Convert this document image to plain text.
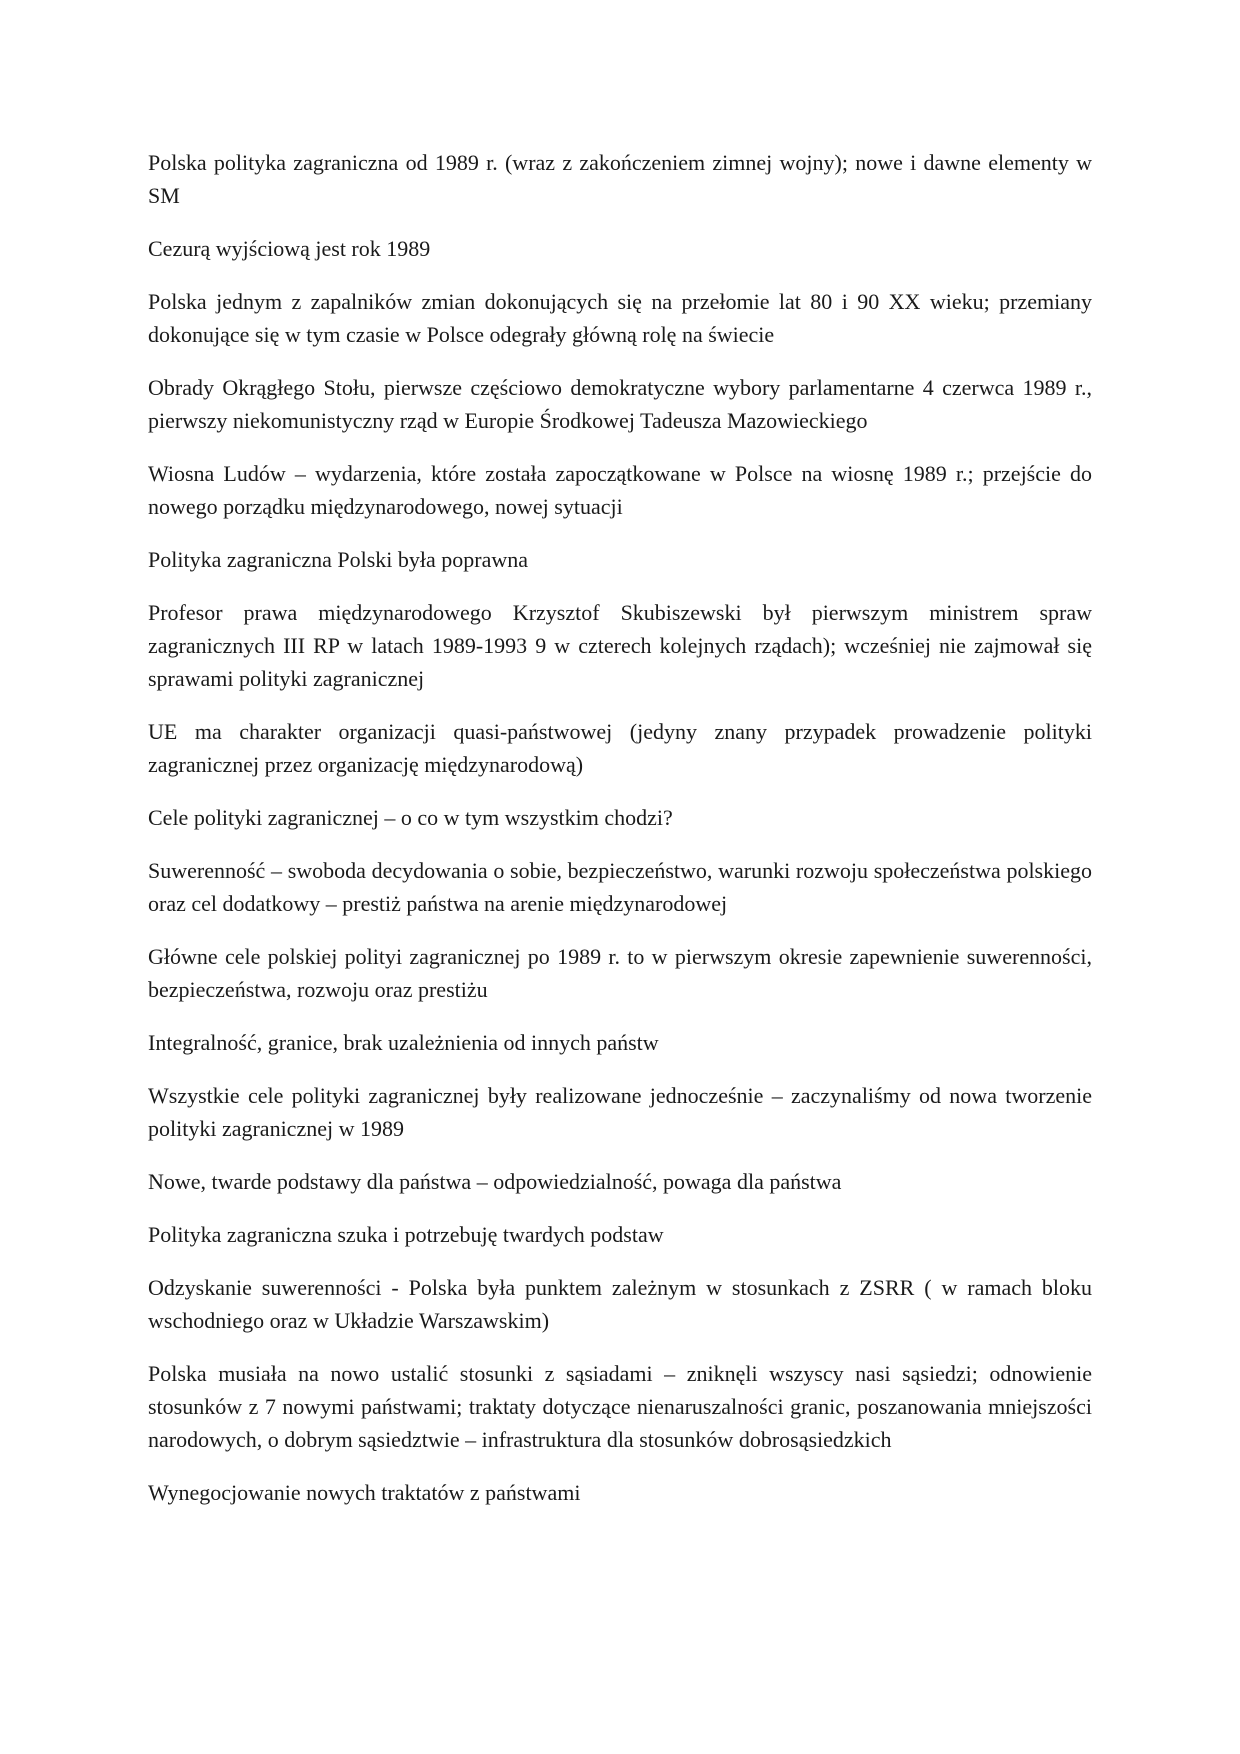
Polska polityka zagraniczna od 1989 r. (wraz z zakończeniem zimnej wojny); nowe i dawne elementy w SM

Cezurą wyjściową jest rok 1989

Polska jednym z zapalników zmian dokonujących się na przełomie lat 80 i 90 XX wieku; przemiany dokonujące się w tym czasie w Polsce odegrały główną rolę na świecie

Obrady Okrągłego Stołu, pierwsze częściowo demokratyczne wybory parlamentarne 4 czerwca 1989 r., pierwszy niekomunistyczny rząd w Europie Środkowej Tadeusza Mazowieckiego

Wiosna Ludów – wydarzenia, które została zapoczątkowane w Polsce na wiosnę 1989 r.; przejście do nowego porządku międzynarodowego, nowej sytuacji

Polityka zagraniczna Polski była poprawna

Profesor prawa międzynarodowego Krzysztof Skubiszewski był pierwszym ministrem spraw zagranicznych III RP w latach 1989-1993 9 w czterech kolejnych rządach); wcześniej nie zajmował się sprawami polityki zagranicznej

UE ma charakter organizacji quasi-państwowej (jedyny znany przypadek prowadzenie polityki zagranicznej przez organizację międzynarodową)

Cele polityki zagranicznej – o co w tym wszystkim chodzi?

Suwerenność – swoboda decydowania o sobie, bezpieczeństwo, warunki rozwoju społeczeństwa polskiego oraz cel dodatkowy – prestiż państwa na arenie międzynarodowej

Główne cele polskiej polityi zagranicznej po 1989 r. to w pierwszym okresie zapewnienie suwerenności, bezpieczeństwa, rozwoju oraz prestiżu

Integralność, granice, brak uzależnienia od innych państw

Wszystkie cele polityki zagranicznej były realizowane jednocześnie – zaczynaliśmy od nowa tworzenie polityki zagranicznej w 1989

Nowe, twarde podstawy dla państwa – odpowiedzialność, powaga dla państwa

Polityka zagraniczna szuka i potrzebuję twardych podstaw

Odzyskanie suwerenności - Polska była punktem zależnym w stosunkach z ZSRR ( w ramach bloku wschodniego oraz w Układzie Warszawskim)

Polska musiała na nowo ustalić stosunki z sąsiadami – zniknęli wszyscy nasi sąsiedzi; odnowienie stosunków z 7 nowymi państwami; traktaty dotyczące nienaruszalności granic, poszanowania mniejszości narodowych, o dobrym sąsiedztwie – infrastruktura dla stosunków dobrosąsiedzkich

Wynegocjowanie nowych traktatów z państwami
